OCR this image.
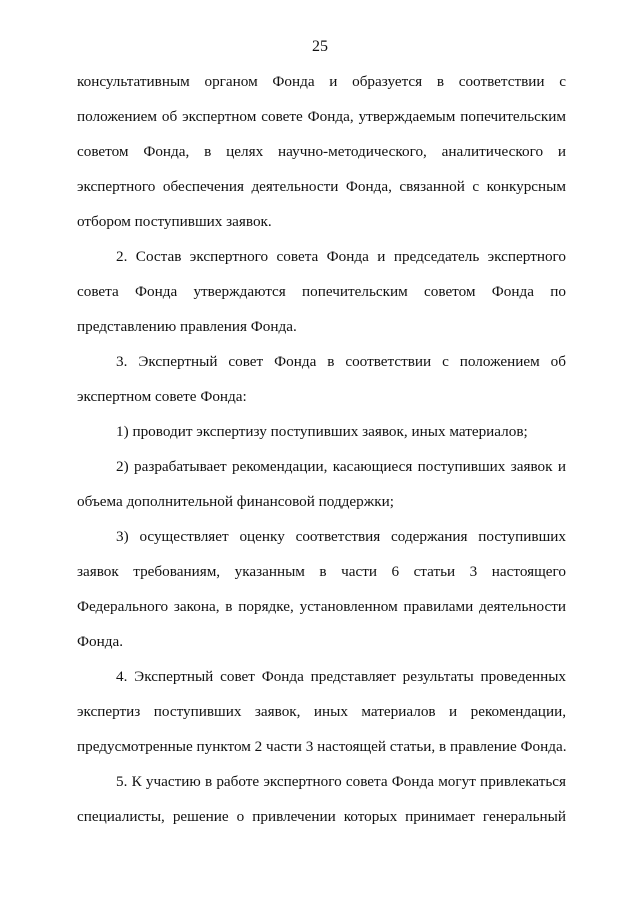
25
консультативным органом Фонда и образуется в соответствии с
положением об экспертном совете Фонда, утверждаемым попечительским
советом Фонда, в целях научно-методического, аналитического и
экспертного обеспечения деятельности Фонда, связанной с конкурсным
отбором поступивших заявок.
2. Состав экспертного совета Фонда и председатель экспертного
совета Фонда утверждаются попечительским советом Фонда по
представлению правления Фонда.
3. Экспертный совет Фонда в соответствии с положением об
экспертном совете Фонда:
1) проводит экспертизу поступивших заявок, иных материалов;
2) разрабатывает рекомендации, касающиеся поступивших заявок и
объема дополнительной финансовой поддержки;
3) осуществляет оценку соответствия содержания поступивших
заявок требованиям, указанным в части 6 статьи 3 настоящего
Федерального закона, в порядке, установленном правилами деятельности
Фонда.
4. Экспертный совет Фонда представляет результаты проведенных
экспертиз поступивших заявок, иных материалов и рекомендации,
предусмотренные пунктом 2 части 3 настоящей статьи, в правление Фонда.
5. К участию в работе экспертного совета Фонда могут привлекаться
специалисты, решение о привлечении которых принимает генеральный
